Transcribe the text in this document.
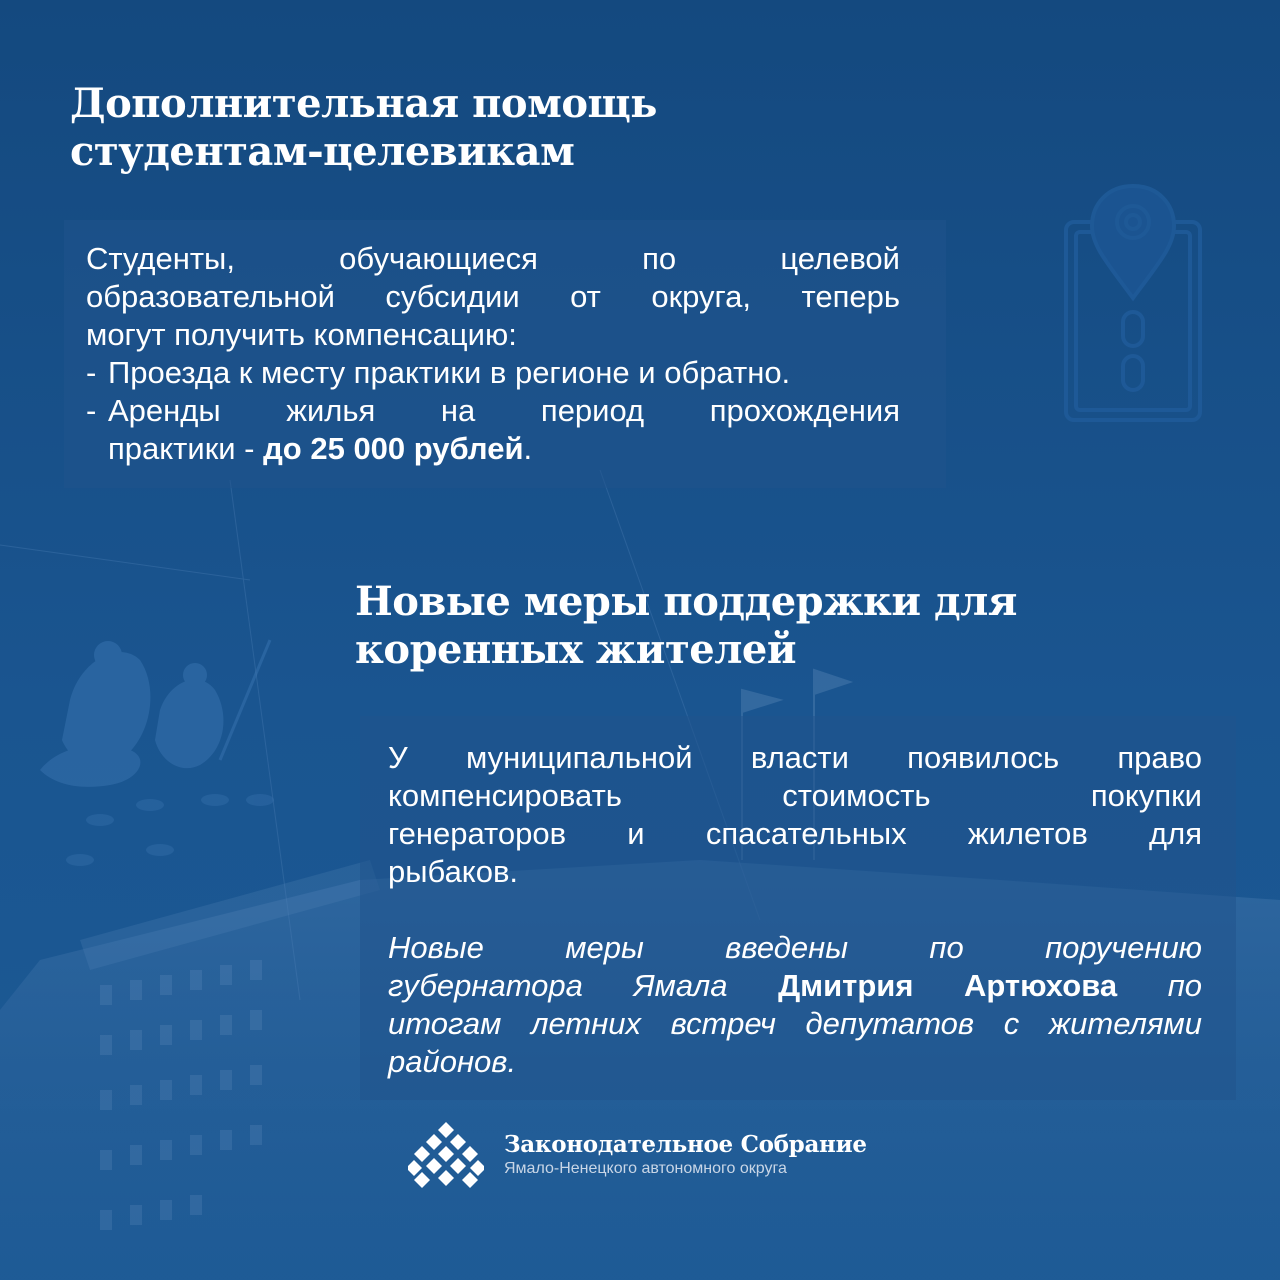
Дополнительная помощь
студентам-целевикам
Студенты, обучающиеся по целевой
образовательной субсидии от округа, теперь
могут получить компенсацию:
- Проезда к месту практики в регионе и обратно.
- Аренды жилья на период прохождения
практики - до 25 000 рублей.
Новые меры поддержки для
коренных жителей
У муниципальной власти появилось право
компенсировать стоимость покупки
генераторов и спасательных жилетов для
рыбаков.
Новые меры введены по поручению
губернатора Ямала Дмитрия Артюхова по
итогам летних встреч депутатов с жителями
районов.
Законодательное Собрание
Ямало-Ненецкого автономного округа
